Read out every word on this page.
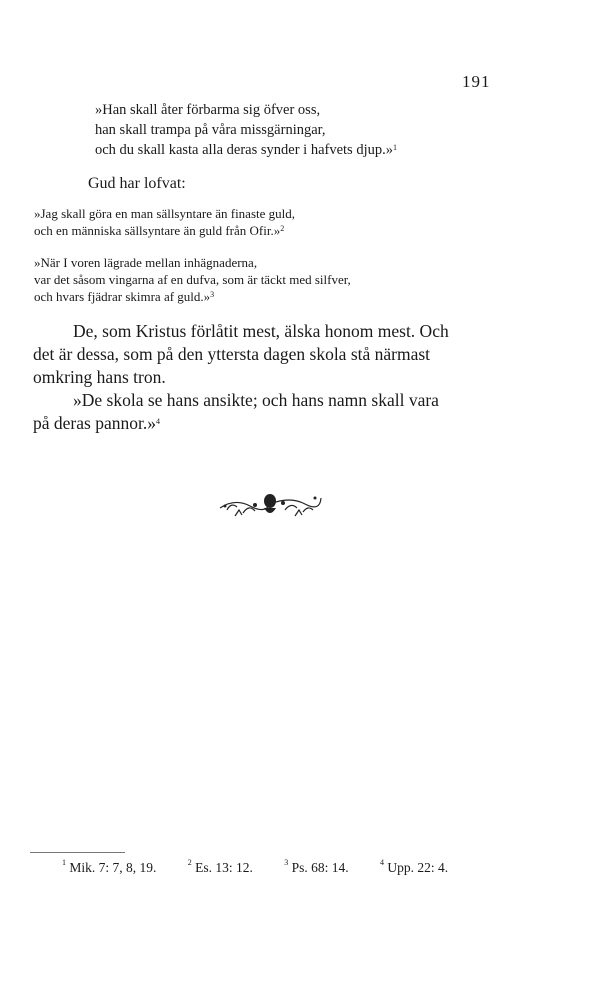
191
»Han skall åter förbarma sig öfver oss,
han skall trampa på våra missgärningar,
och du skall kasta alla deras synder i hafvets djup.»$^1$
Gud har lofvat:
»Jag skall göra en man sällsyntare än finaste guld,
och en människa sällsyntare än guld från Ofir.»$^2$
»När I voren lägrade mellan inhägnaderna,
var det såsom vingarna af en dufva, som är täckt med silfver,
och hvars fjädrar skimra af guld.»$^3$
De, som Kristus förlåtit mest, älska honom mest. Och
det är dessa, som på den yttersta dagen skola stå närmast
omkring hans tron.
»De skola se hans ansikte; och hans namn skall vara
på deras pannor.»$^4$
$^1$ Mik. 7: 7, 8, 19.	$^2$ Es. 13: 12.	$^3$ Ps. 68: 14.	$^4$ Upp. 22: 4.
